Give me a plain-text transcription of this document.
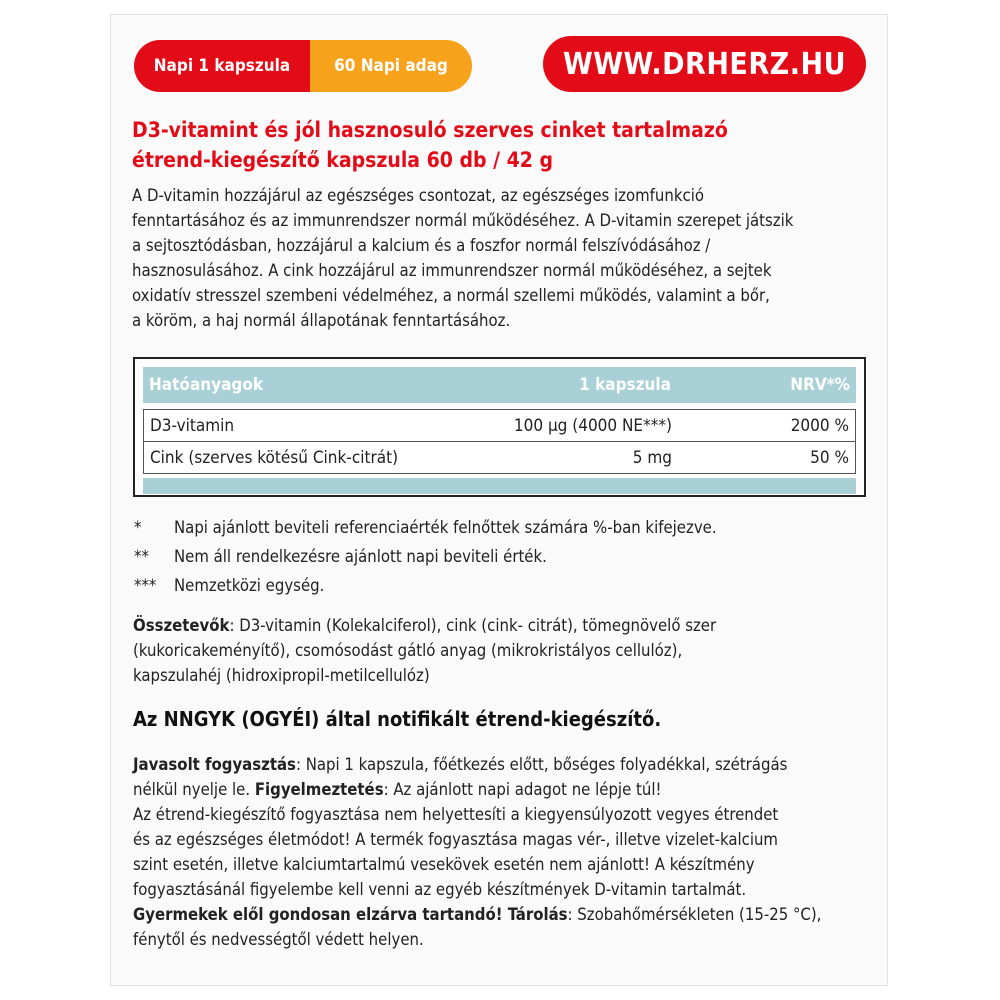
Napi 1 kapszula	60 Napi adag	WWW.DRHERZ.HU
D3-vitamint és jól hasznosuló szerves cinket tartalmazó
étrend-kiegészítő kapszula 60 db / 42 g
A D-vitamin hozzájárul az egészséges csontozat, az egészséges izomfunkció
fenntartásához és az immunrendszer normál működéséhez. A D-vitamin szerepet játszik
a sejtosztódásban, hozzájárul a kalcium és a foszfor normál felszívódásához /
hasznosulásához. A cink hozzájárul az immunrendszer normál működéséhez, a sejtek
oxidatív stresszel szembeni védelméhez, a normál szellemi működés, valamint a bőr,
a köröm, a haj normál állapotának fenntartásához.
Hatóanyagok	1 kapszula	NRV*%
D3-vitamin	100 µg (4000 NE***)	2000 %
Cink (szerves kötésű Cink-citrát)	5 mg	50 %
*	Napi ajánlott beviteli referenciaérték felnőttek számára %-ban kifejezve.
**	Nem áll rendelkezésre ajánlott napi beviteli érték.
***	Nemzetközi egység.
Összetevők: D3-vitamin (Kolekalciferol), cink (cink- citrát), tömegnövelő szer
(kukoricakeményítő), csomósodást gátló anyag (mikrokristályos cellulóz),
kapszulahéj (hidroxipropil-metilcellulóz)
Az NNGYK (OGYÉI) által notifikált étrend-kiegészítő.
Javasolt fogyasztás: Napi 1 kapszula, főétkezés előtt, bőséges folyadékkal, szétrágás
nélkül nyelje le. Figyelmeztetés: Az ajánlott napi adagot ne lépje túl!
Az étrend-kiegészítő fogyasztása nem helyettesíti a kiegyensúlyozott vegyes étrendet
és az egészséges életmódot! A termék fogyasztása magas vér-, illetve vizelet-kalcium
szint esetén, illetve kalciumtartalmú vesekövek esetén nem ajánlott! A készítmény
fogyasztásánál figyelembe kell venni az egyéb készítmények D-vitamin tartalmát.
Gyermekek elől gondosan elzárva tartandó! Tárolás: Szobahőmérsékleten (15-25 °C),
fénytől és nedvességtől védett helyen.
